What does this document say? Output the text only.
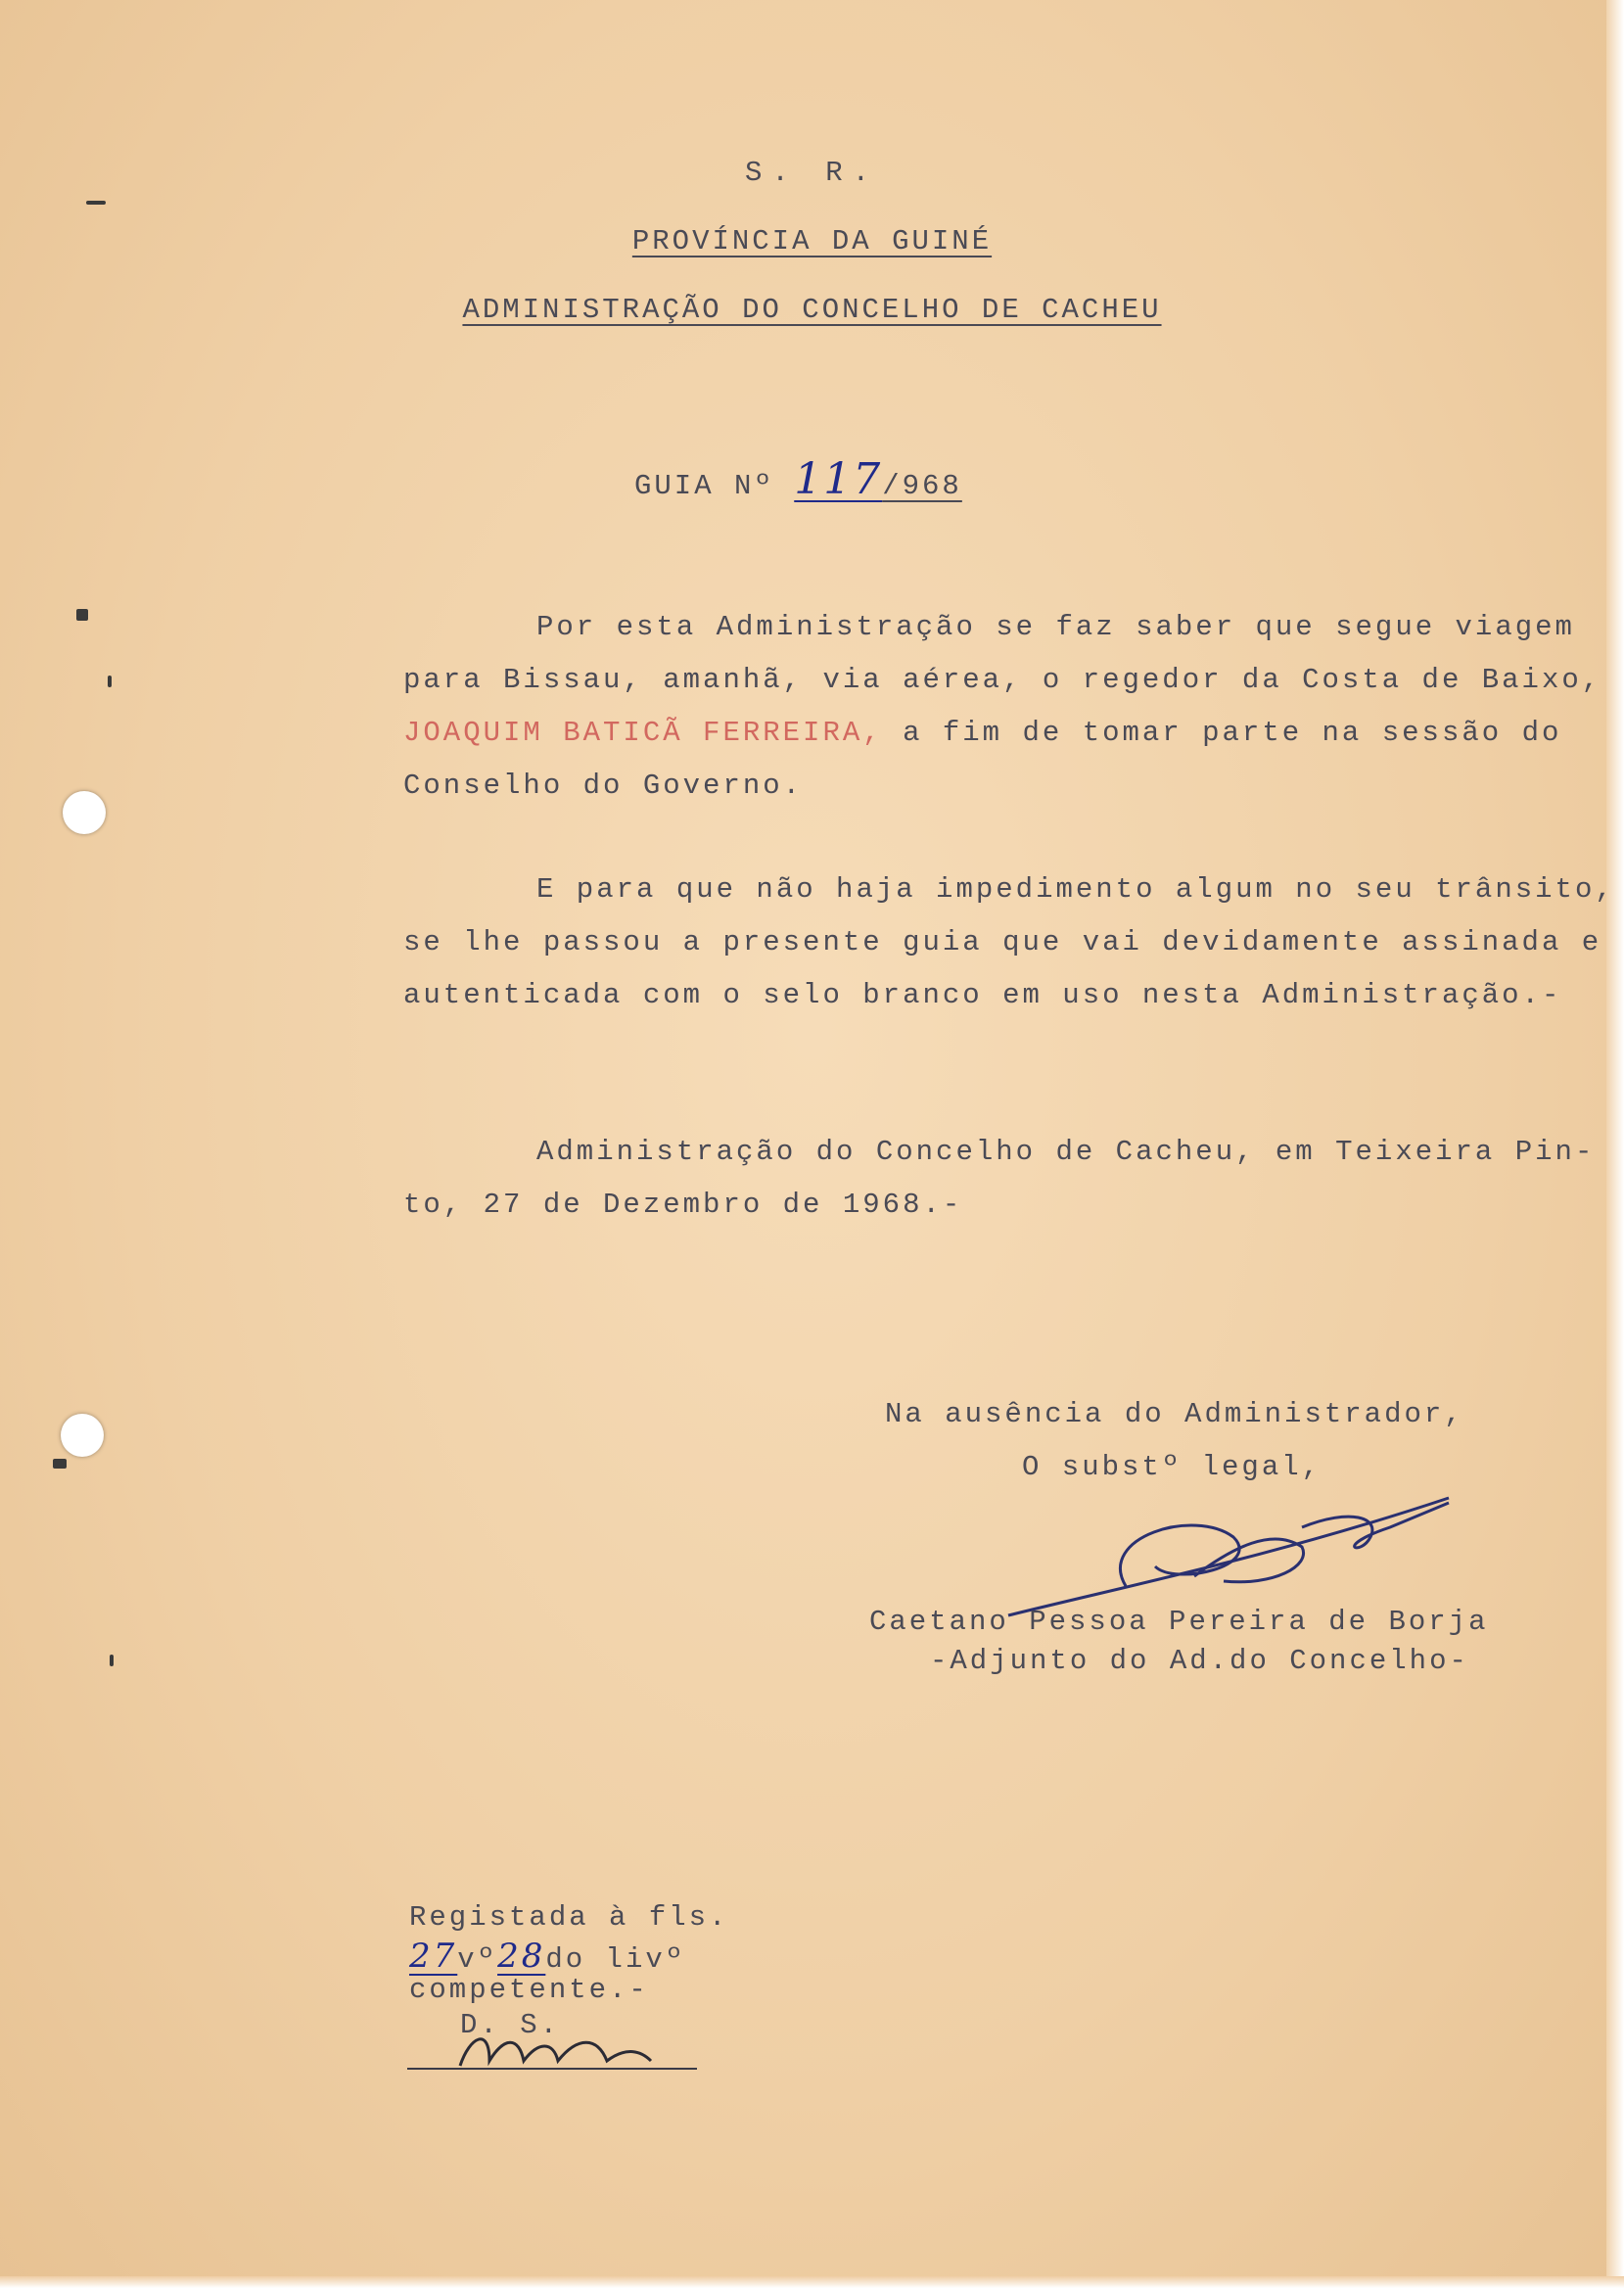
S. R.
PROVÍNCIA DA GUINÉ
ADMINISTRAÇÃO DO CONCELHO DE CACHEU
GUIA Nº 117/968
Por esta Administração se faz saber que segue viagem
para Bissau, amanhã, via aérea, o regedor da Costa de Baixo,
JOAQUIM BATICÃ FERREIRA, a fim de tomar parte na sessão do
Conselho do Governo.
E para que não haja impedimento algum no seu trânsito,
se lhe passou a presente guia que vai devidamente assinada e
autenticada com o selo branco em uso nesta Administração.-
Administração do Concelho de Cacheu, em Teixeira Pin-
to, 27 de Dezembro de 1968.-
Na ausência do Administrador,
O substº legal,
Caetano Pessoa Pereira de Borja
-Adjunto do Ad.do Concelho-
Registada à fls.
27vº28do livº
competente.-
D. S.
